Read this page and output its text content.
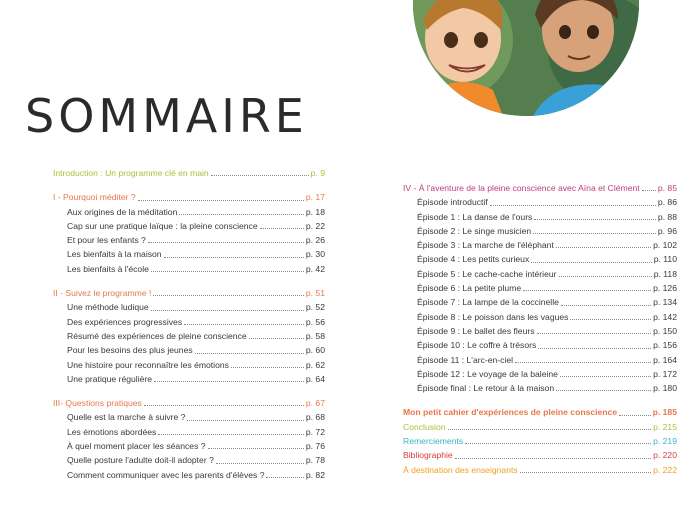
SOMMAIRE
Introduction : Un programme clé en main	p. 9
I - Pourquoi méditer ?	p. 17
Aux origines de la méditation	p. 18
Cap sur une pratique laïque : la pleine conscience	p. 22
Et pour les enfants ?	p. 26
Les bienfaits à la maison	p. 30
Les bienfaits à l'école	p. 42
II - Suivez le programme !	p. 51
Une méthode ludique	p. 52
Des expériences progressives	p. 56
Résumé des expériences de pleine conscience	p. 58
Pour les besoins des plus jeunes	p. 60
Une histoire pour reconnaître les émotions	p. 62
Une pratique régulière	p. 64
III- Questions pratiques	p. 67
Quelle est la marche à suivre ?	p. 68
Les émotions abordées	p. 72
À quel moment placer les séances ?	p. 76
Quelle posture l'adulte doit-il adopter ?	p. 78
Comment communiquer avec les parents d'élèves ?	p. 82
IV - À l'aventure de la pleine conscience avec Aïna et Clément p. 85
Épisode introductif	p. 86
Épisode 1 : La danse de l'ours	p. 88
Épisode 2 : Le singe musicien	p. 96
Épisode 3 : La marche de l'éléphant	p. 102
Épisode 4 : Les petits curieux	p. 110
Épisode 5 : Le cache-cache intérieur	p. 118
Épisode 6 : La petite plume	p. 126
Épisode 7 : La lampe de la coccinelle	p. 134
Épisode 8 : Le poisson dans les vagues	p. 142
Épisode 9 : Le ballet des fleurs	p. 150
Épisode 10 : Le coffre à trésors	p. 156
Épisode 11 : L'arc-en-ciel	p. 164
Épisode 12 : Le voyage de la baleine	p. 172
Épisode final : Le retour à la maison	p. 180
Mon petit cahier d'expériences de pleine conscience	p. 185
Conclusion	p. 215
Remerciements	p. 219
Bibliographie	p. 220
À destination des enseignants	p. 222
